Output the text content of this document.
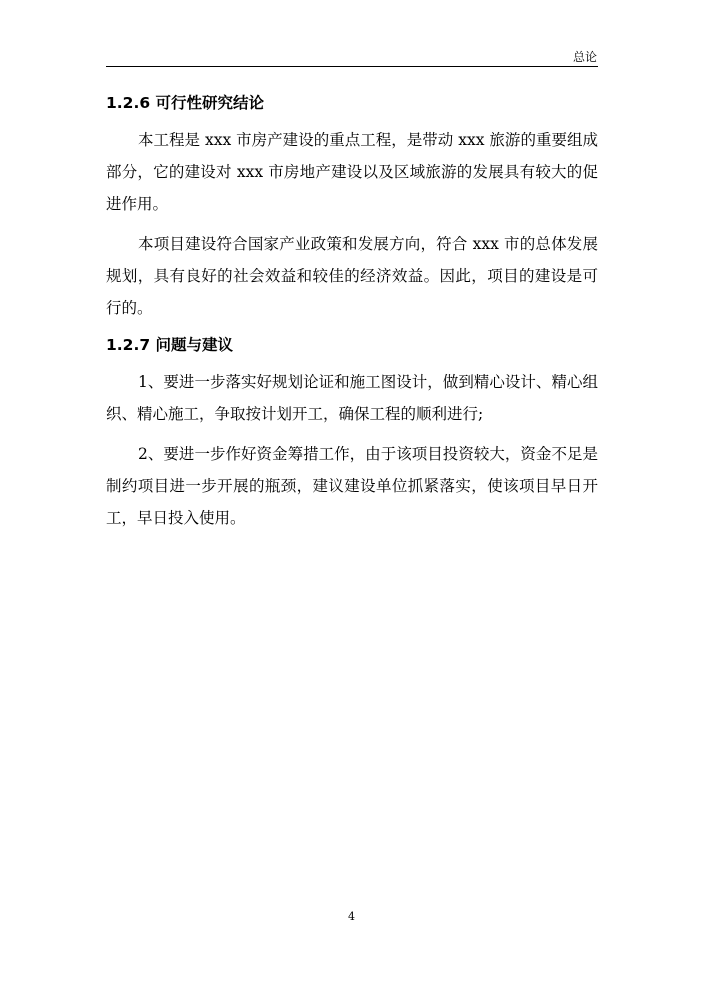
总论
1.2.6 可行性研究结论

本工程是 xxx 市房产建设的重点工程，是带动 xxx 旅游的重要组成部分，它的建设对 xxx 市房地产建设以及区域旅游的发展具有较大的促进作用。

本项目建设符合国家产业政策和发展方向，符合 xxx 市的总体发展规划，具有良好的社会效益和较佳的经济效益。因此，项目的建设是可行的。

1.2.7 问题与建议

1、要进一步落实好规划论证和施工图设计，做到精心设计、精心组织、精心施工，争取按计划开工，确保工程的顺利进行;

2、要进一步作好资金筹措工作，由于该项目投资较大，资金不足是制约项目进一步开展的瓶颈，建议建设单位抓紧落实，使该项目早日开工，早日投入使用。

4
